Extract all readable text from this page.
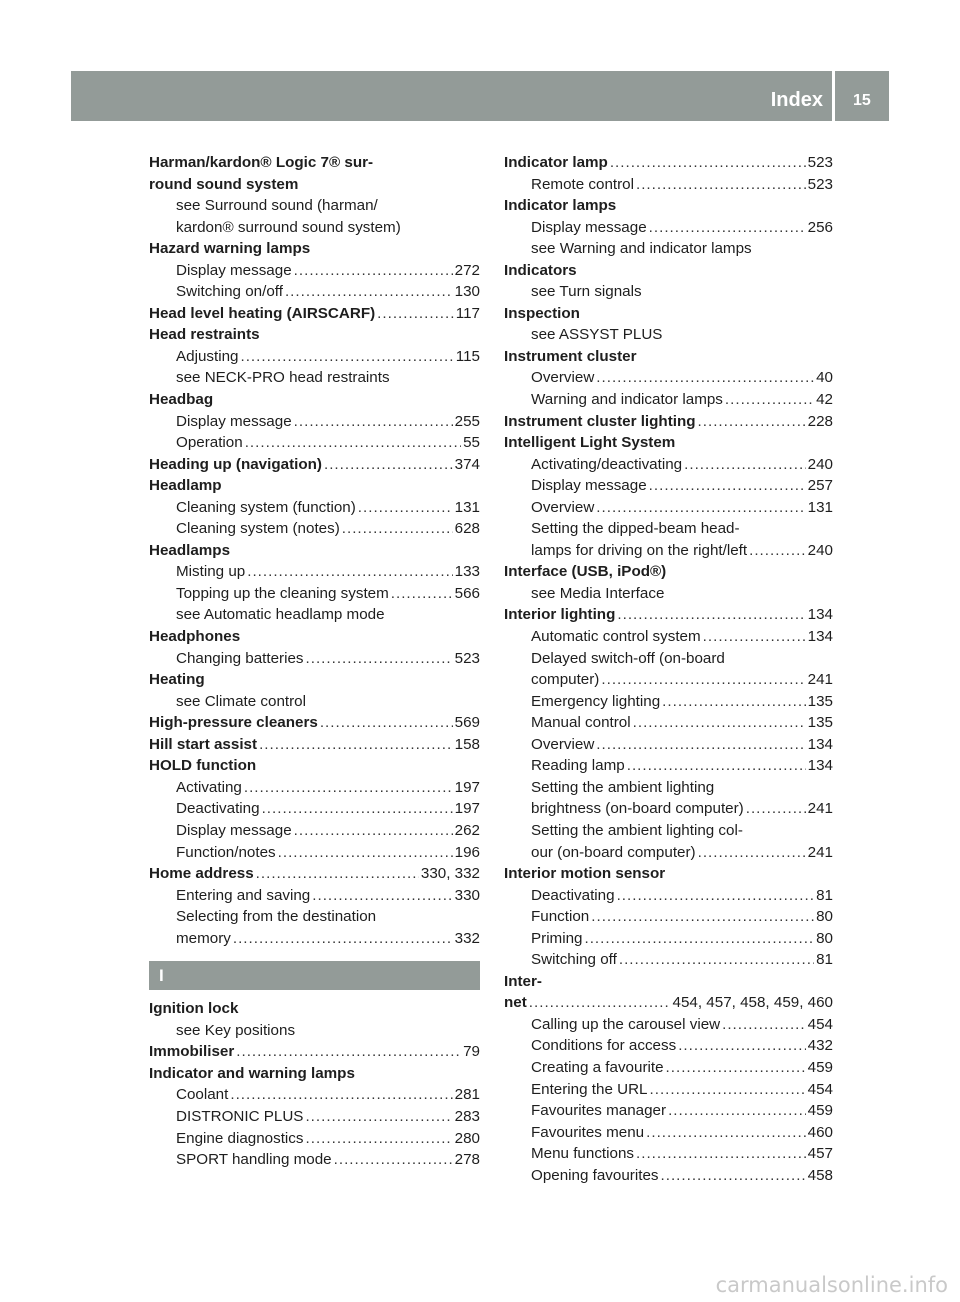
Index 15
Harman/kardon® Logic 7® sur-
round sound system
see Surround sound (harman/
kardon® surround sound system)
Hazard warning lamps
Display message .....	272
Switching on/off .....	130
Head level heating (AIRSCARF) .....	117
Head restraints
Adjusting .....	115
see NECK-PRO head restraints
Headbag
Display message .....	255
Operation .....	55
Heading up (navigation) .....	374
Headlamp
Cleaning system (function) .....	131
Cleaning system (notes) .....	628
Headlamps
Misting up .....	133
Topping up the cleaning system .....	566
see Automatic headlamp mode
Headphones
Changing batteries .....	523
Heating
see Climate control
High-pressure cleaners .....	569
Hill start assist .....	158
HOLD function
Activating .....	197
Deactivating .....	197
Display message .....	262
Function/notes .....	196
Home address .....	330, 332
Entering and saving .....	330
Selecting from the destination
memory .....	332
I
Ignition lock
see Key positions
Immobiliser .....	79
Indicator and warning lamps
Coolant .....	281
DISTRONIC PLUS .....	283
Engine diagnostics .....	280
SPORT handling mode .....	278
Indicator lamp .....	523
Remote control .....	523
Indicator lamps
Display message .....	256
see Warning and indicator lamps
Indicators
see Turn signals
Inspection
see ASSYST PLUS
Instrument cluster
Overview .....	40
Warning and indicator lamps .....	42
Instrument cluster lighting .....	228
Intelligent Light System
Activating/deactivating .....	240
Display message .....	257
Overview .....	131
Setting the dipped-beam head-
lamps for driving on the right/left .....	240
Interface (USB, iPod®)
see Media Interface
Interior lighting .....	134
Automatic control system .....	134
Delayed switch-off (on-board
computer) .....	241
Emergency lighting .....	135
Manual control .....	135
Overview .....	134
Reading lamp .....	134
Setting the ambient lighting
brightness (on-board computer) .....	241
Setting the ambient lighting col-
our (on-board computer) .....	241
Interior motion sensor
Deactivating .....	81
Function .....	80
Priming .....	80
Switching off .....	81
Inter-
net .....	454, 457, 458, 459, 460
Calling up the carousel view .....	454
Conditions for access .....	432
Creating a favourite .....	459
Entering the URL .....	454
Favourites manager .....	459
Favourites menu .....	460
Menu functions .....	457
Opening favourites .....	458
carmanualsonline.info
